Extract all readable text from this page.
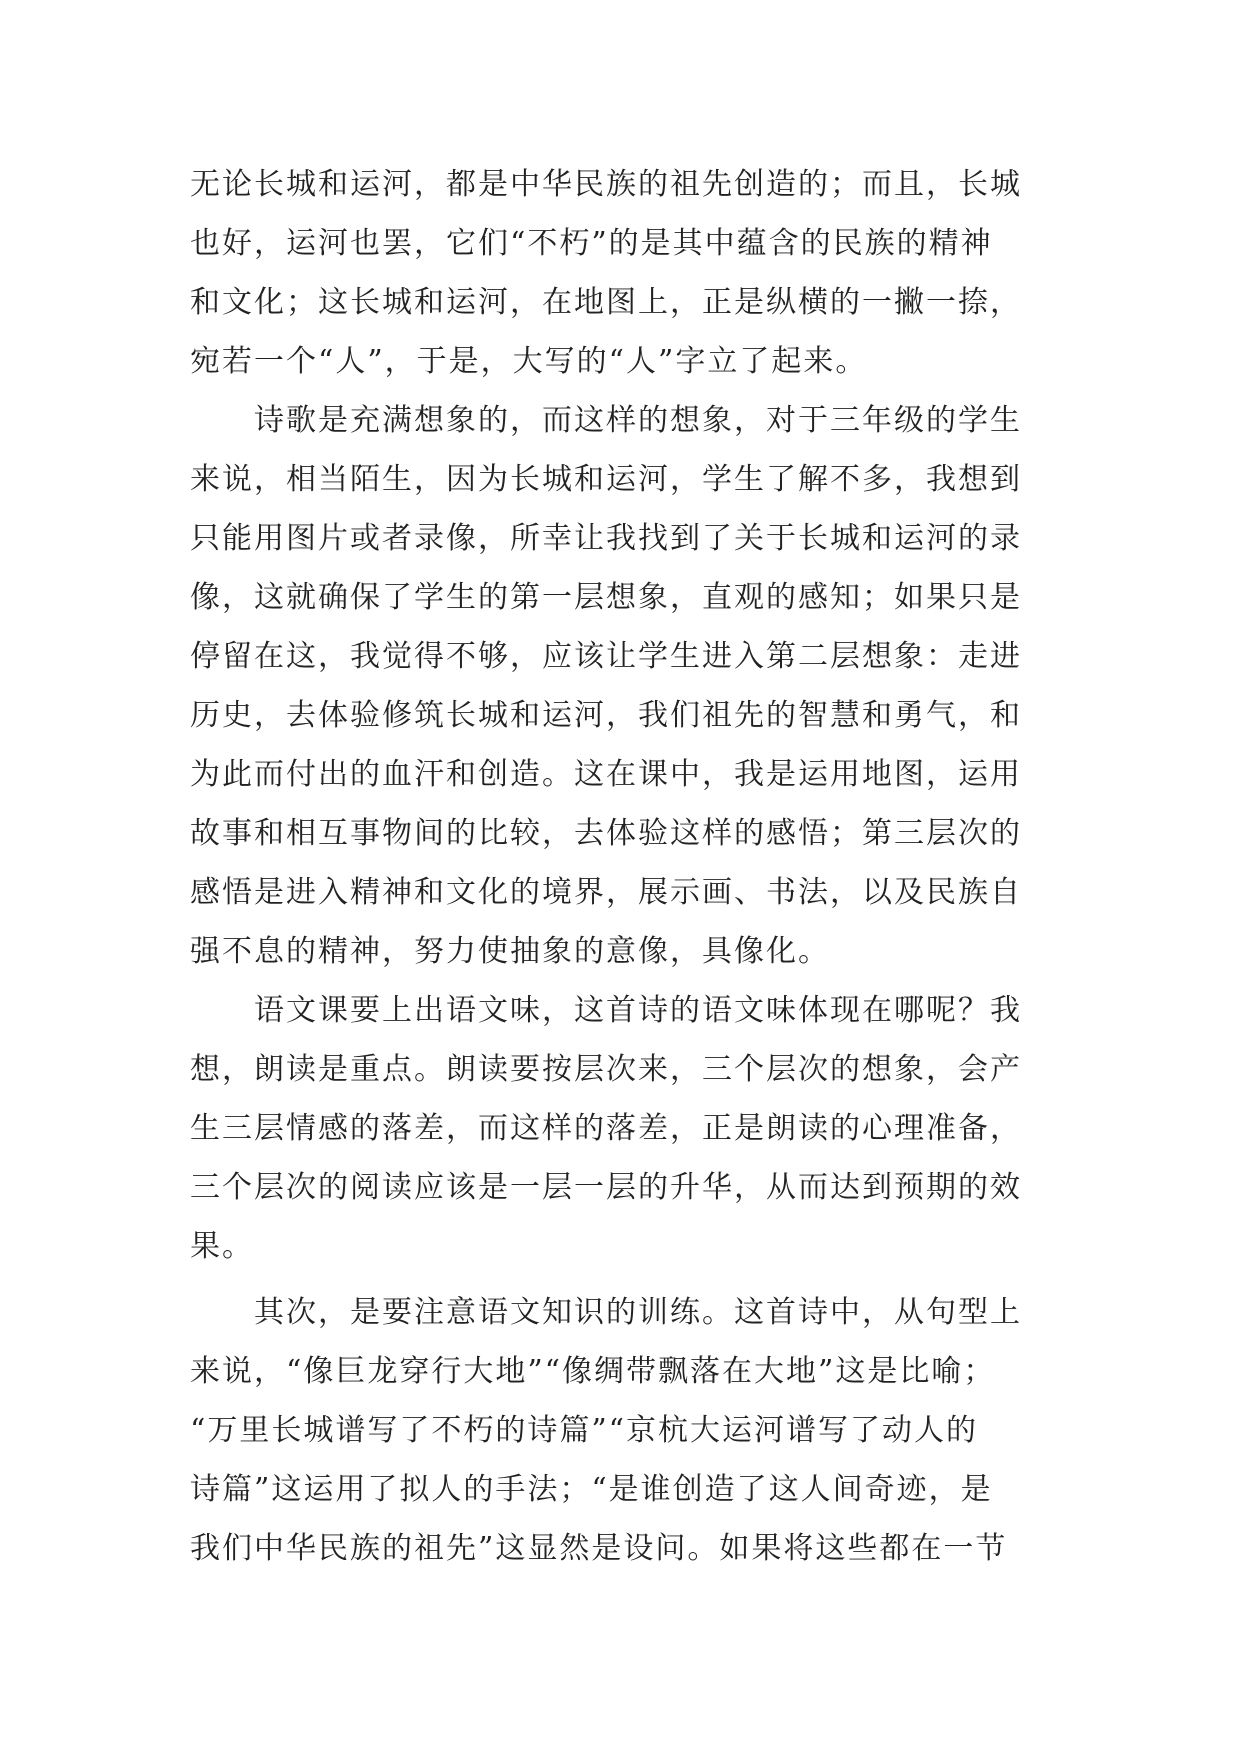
无论长城和运河，都是中华民族的祖先创造的；而且，长城
也好，运河也罢，它们“不朽”的是其中蕴含的民族的精神
和文化；这长城和运河，在地图上，正是纵横的一撇一捺，
宛若一个“人”，于是，大写的“人”字立了起来。
　　诗歌是充满想象的，而这样的想象，对于三年级的学生
来说，相当陌生，因为长城和运河，学生了解不多，我想到
只能用图片或者录像，所幸让我找到了关于长城和运河的录
像，这就确保了学生的第一层想象，直观的感知；如果只是
停留在这，我觉得不够，应该让学生进入第二层想象：走进
历史，去体验修筑长城和运河，我们祖先的智慧和勇气，和
为此而付出的血汗和创造。这在课中，我是运用地图，运用
故事和相互事物间的比较，去体验这样的感悟；第三层次的
感悟是进入精神和文化的境界，展示画、书法，以及民族自
强不息的精神，努力使抽象的意像，具像化。
　　语文课要上出语文味，这首诗的语文味体现在哪呢？我
想，朗读是重点。朗读要按层次来，三个层次的想象，会产
生三层情感的落差，而这样的落差，正是朗读的心理准备，
三个层次的阅读应该是一层一层的升华，从而达到预期的效
果。
　　其次，是要注意语文知识的训练。这首诗中，从句型上
来说，“像巨龙穿行大地”“像绸带飘落在大地”这是比喻；
“万里长城谱写了不朽的诗篇”“京杭大运河谱写了动人的
诗篇”这运用了拟人的手法；“是谁创造了这人间奇迹，是
我们中华民族的祖先”这显然是设问。如果将这些都在一节
